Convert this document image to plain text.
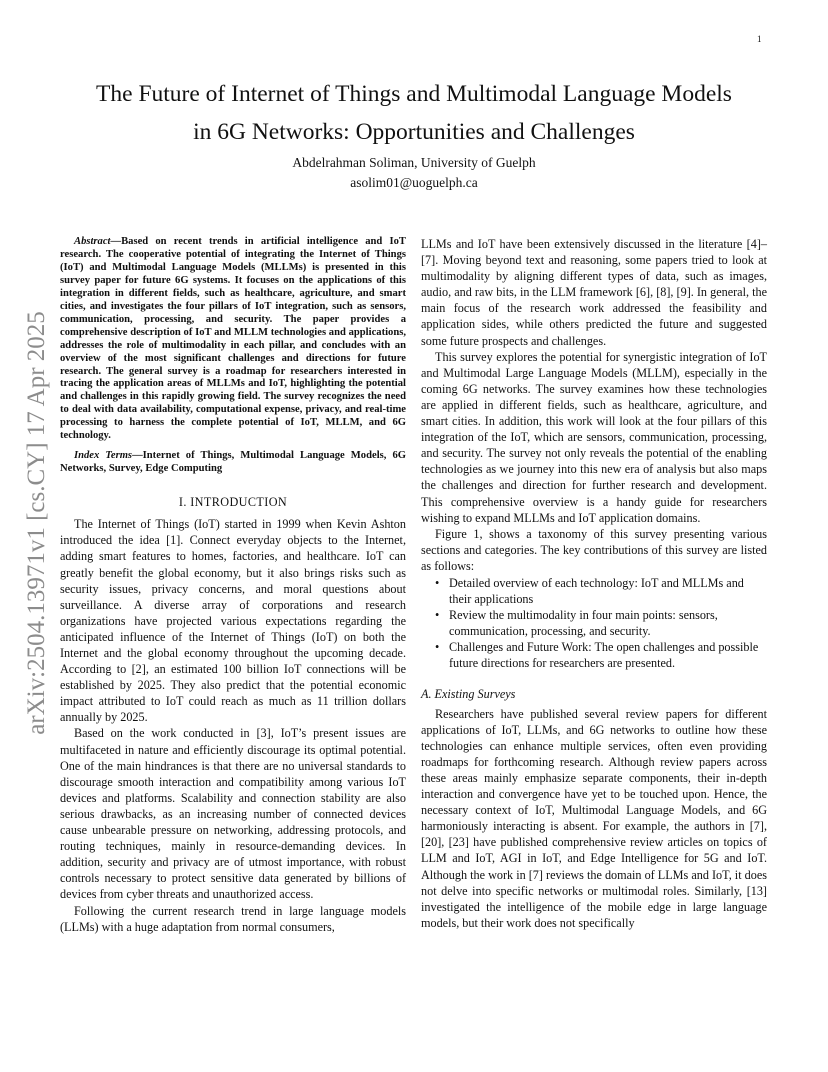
1
arXiv:2504.13971v1 [cs.CY] 17 Apr 2025
The Future of Internet of Things and Multimodal Language Models
in 6G Networks: Opportunities and Challenges
Abdelrahman Soliman, University of Guelph
asolim01@uoguelph.ca

Abstract—Based on recent trends in artificial intelligence and IoT research. The cooperative potential of integrating the Internet of Things (IoT) and Multimodal Language Models (MLLMs) is presented in this survey paper for future 6G systems. It focuses on the applications of this integration in different fields, such as healthcare, agriculture, and smart cities, and investigates the four pillars of IoT integration, such as sensors, communication, processing, and security. The paper provides a comprehensive description of IoT and MLLM technologies and applications, addresses the role of multimodality in each pillar, and concludes with an overview of the most significant challenges and directions for future research. The general survey is a roadmap for researchers interested in tracing the application areas of MLLMs and IoT, highlighting the potential and challenges in this rapidly growing field. The survey recognizes the need to deal with data availability, computational expense, privacy, and real-time processing to harness the complete potential of IoT, MLLM, and 6G technology.

Index Terms—Internet of Things, Multimodal Language Models, 6G Networks, Survey, Edge Computing

I. INTRODUCTION

The Internet of Things (IoT) started in 1999 when Kevin Ashton introduced the idea [1]. Connect everyday objects to the Internet, adding smart features to homes, factories, and healthcare. IoT can greatly benefit the global economy, but it also brings risks such as security issues, privacy concerns, and moral questions about surveillance. A diverse array of corporations and research organizations have projected various expectations regarding the anticipated influence of the Internet of Things (IoT) on both the Internet and the global economy throughout the upcoming decade. According to [2], an estimated 100 billion IoT connections will be established by 2025. They also predict that the potential economic impact attributed to IoT could reach as much as 11 trillion dollars annually by 2025.

Based on the work conducted in [3], IoT’s present issues are multifaceted in nature and efficiently discourage its optimal potential. One of the main hindrances is that there are no universal standards to discourage smooth interaction and compatibility among various IoT devices and platforms. Scalability and connection stability are also serious drawbacks, as an increasing number of connected devices cause unbearable pressure on networking, addressing protocols, and routing techniques, mainly in resource-demanding devices. In addition, security and privacy are of utmost importance, with robust controls necessary to protect sensitive data generated by billions of devices from cyber threats and unauthorized access.

Following the current research trend in large language models (LLMs) with a huge adaptation from normal consumers,

LLMs and IoT have been extensively discussed in the literature [4]–[7]. Moving beyond text and reasoning, some papers tried to look at multimodality by aligning different types of data, such as images, audio, and raw bits, in the LLM framework [6], [8], [9]. In general, the main focus of the research work addressed the feasibility and application sides, while others predicted the future and suggested some future prospects and challenges.

This survey explores the potential for synergistic integration of IoT and Multimodal Large Language Models (MLLM), especially in the coming 6G networks. The survey examines how these technologies are applied in different fields, such as healthcare, agriculture, and smart cities. In addition, this work will look at the four pillars of this integration of the IoT, which are sensors, communication, processing, and security. The survey not only reveals the potential of the enabling technologies as we journey into this new era of analysis but also maps the challenges and direction for further research and development. This comprehensive overview is a handy guide for researchers wishing to expand MLLMs and IoT application domains.

Figure 1, shows a taxonomy of this survey presenting various sections and categories. The key contributions of this survey are listed as follows:

• Detailed overview of each technology: IoT and MLLMs and their applications
• Review the multimodality in four main points: sensors, communication, processing, and security.
• Challenges and Future Work: The open challenges and possible future directions for researchers are presented.
A. Existing Surveys

Researchers have published several review papers for different applications of IoT, LLMs, and 6G networks to outline how these technologies can enhance multiple services, often even providing roadmaps for forthcoming research. Although review papers across these areas mainly emphasize separate components, their in-depth interaction and convergence have yet to be touched upon. Hence, the necessary context of IoT, Multimodal Language Models, and 6G harmoniously interacting is absent. For example, the authors in [7], [20], [23] have published comprehensive review articles on topics of LLM and IoT, AGI in IoT, and Edge Intelligence for 5G and IoT. Although the work in [7] reviews the domain of LLMs and IoT, it does not delve into specific networks or multimodal roles. Similarly, [13] investigated the intelligence of the mobile edge in large language models, but their work does not specifically
